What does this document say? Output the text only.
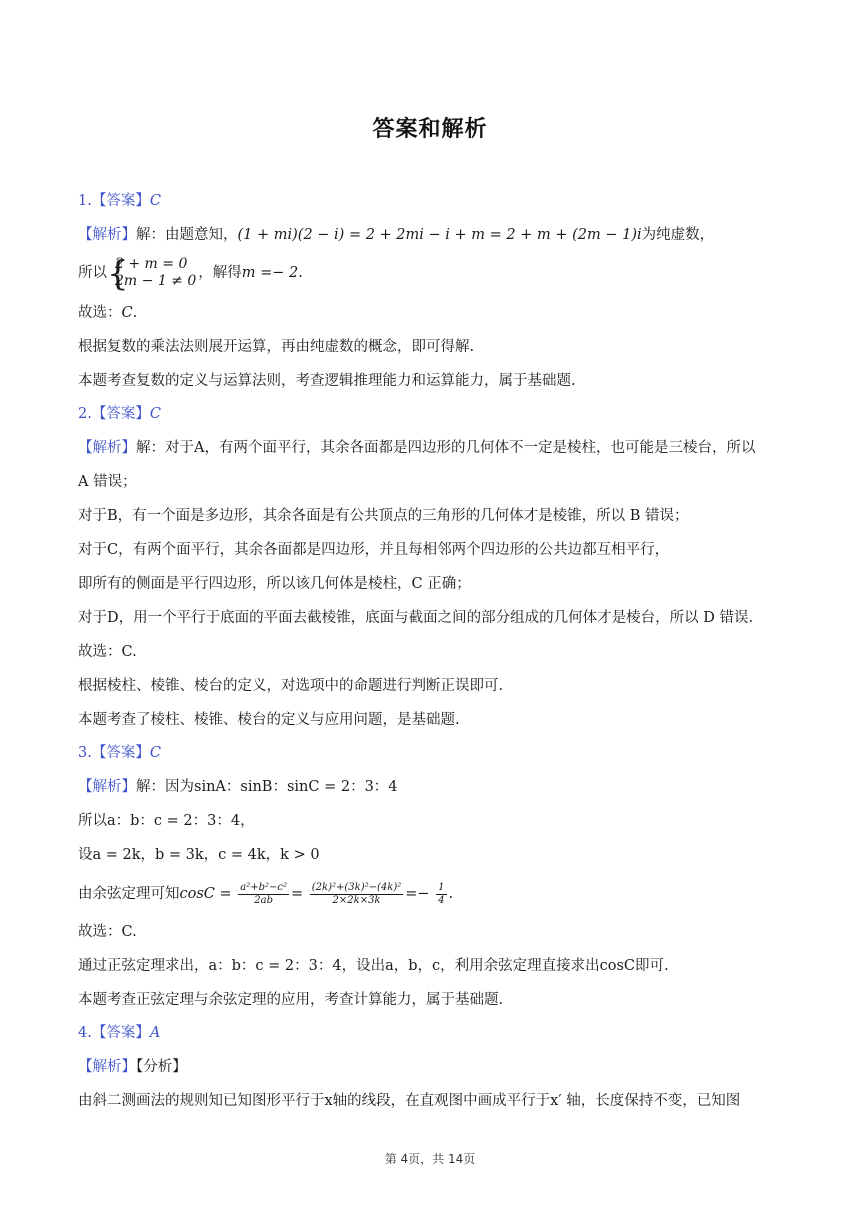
答案和解析
1.【答案】C
【解析】解：由题意知，(1 + mi)(2 − i) = 2 + 2mi − i + m = 2 + m + (2m − 1)i为纯虚数，
所以 {
2 + m = 0
2m − 1 ≠ 0 ，解得m =− 2.
故选：C.
根据复数的乘法法则展开运算，再由纯虚数的概念，即可得解.
本题考查复数的定义与运算法则，考查逻辑推理能力和运算能力，属于基础题.
2.【答案】C
【解析】解：对于A，有两个面平行，其余各面都是四边形的几何体不一定是棱柱，也可能是三棱台，所以
A 错误；
对于B，有一个面是多边形，其余各面是有公共顶点的三角形的几何体才是棱锥，所以 B 错误；
对于C，有两个面平行，其余各面都是四边形，并且每相邻两个四边形的公共边都互相平行，
即所有的侧面是平行四边形，所以该几何体是棱柱，C 正确；
对于D，用一个平行于底面的平面去截棱锥，底面与截面之间的部分组成的几何体才是棱台，所以 D 错误.
故选：C.
根据棱柱、棱锥、棱台的定义，对选项中的命题进行判断正误即可.
本题考查了棱柱、棱锥、棱台的定义与应用问题，是基础题.
3.【答案】C
【解析】解：因为sinA：sinB：sinC = 2：3：4
所以a：b：c = 2：3：4，
设a = 2k，b = 3k，c = 4k，k > 0
由余弦定理可知$\cos C = \frac{\text{a²+b²−c²}}{2ab} = \frac{\text{(2k)²+(3k)²−(4k)²}}{2\times 2k\times 3k} =- \frac{1}{4}$ .
故选：C.
通过正弦定理求出，a：b：c = 2：3：4，设出a，b，c，利用余弦定理直接求出cosC即可.
本题考查正弦定理与余弦定理的应用，考查计算能力，属于基础题.
4.【答案】A
【解析】【分析】
由斜二测画法的规则知已知图形平行于x轴的线段，在直观图中画成平行于x′ 轴，长度保持不变，已知图
第 4页，共 14页
